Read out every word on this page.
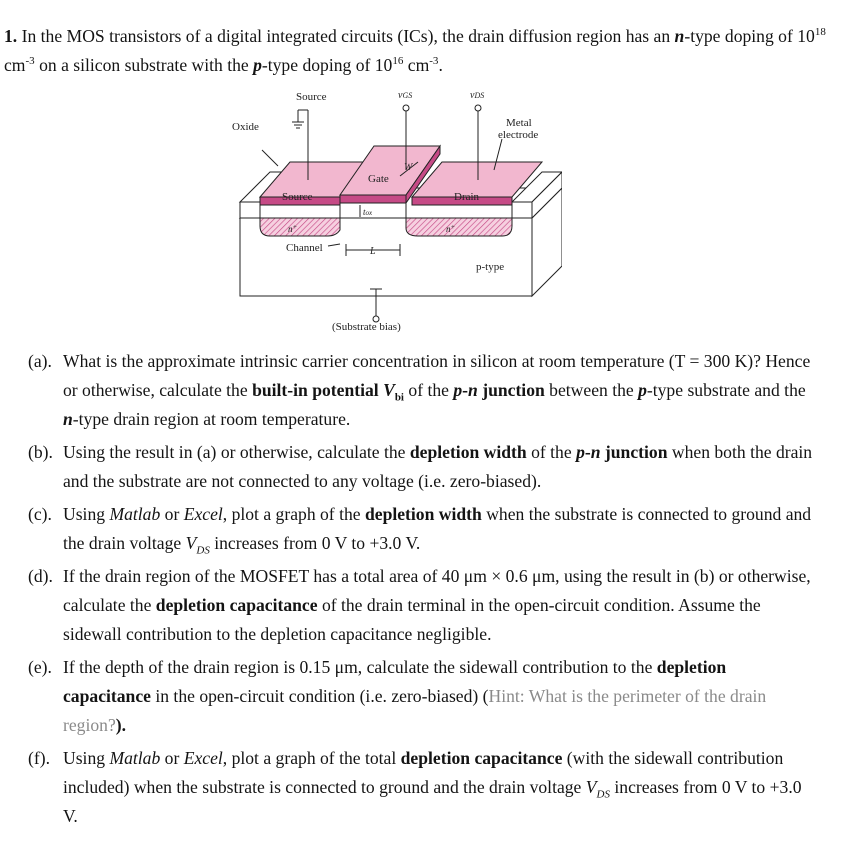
1. In the MOS transistors of a digital integrated circuits (ICs), the drain diffusion region has an n-type doping of $10^{18}$ $cm^{-3}$ on a silicon substrate with the p-type doping of $10^{16}$ $cm^{-3}$.
Source	vGS	vDS
Oxide	Metal
electrode
Gate
W
Source
tox
Drain
n+	n+
Channel	L
p-type
(Substrate bias)
(a). What is the approximate intrinsic carrier concentration in silicon at room temperature (T = 300 K)? Hence or otherwise, calculate the built-in potential $V_{bi}$ of the p-n junction between the p-type substrate and the n-type drain region at room temperature.
(b). Using the result in (a) or otherwise, calculate the depletion width of the p-n junction when both the drain and the substrate are not connected to any voltage (i.e. zero-biased).
(c). Using Matlab or Excel, plot a graph of the depletion width when the substrate is connected to ground and the drain voltage $V_{DS}$ increases from 0 V to +3.0 V.
(d). If the drain region of the MOSFET has a total area of 40 μm × 0.6 μm, using the result in (b) or otherwise, calculate the depletion capacitance of the drain terminal in the open-circuit condition. Assume the sidewall contribution to the depletion capacitance negligible.
(e). If the depth of the drain region is 0.15 μm, calculate the sidewall contribution to the depletion capacitance in the open-circuit condition (i.e. zero-biased) (Hint: What is the perimeter of the drain region?).
(f). Using Matlab or Excel, plot a graph of the total depletion capacitance (with the sidewall contribution included) when the substrate is connected to ground and the drain voltage $V_{DS}$ increases from 0 V to +3.0 V.
